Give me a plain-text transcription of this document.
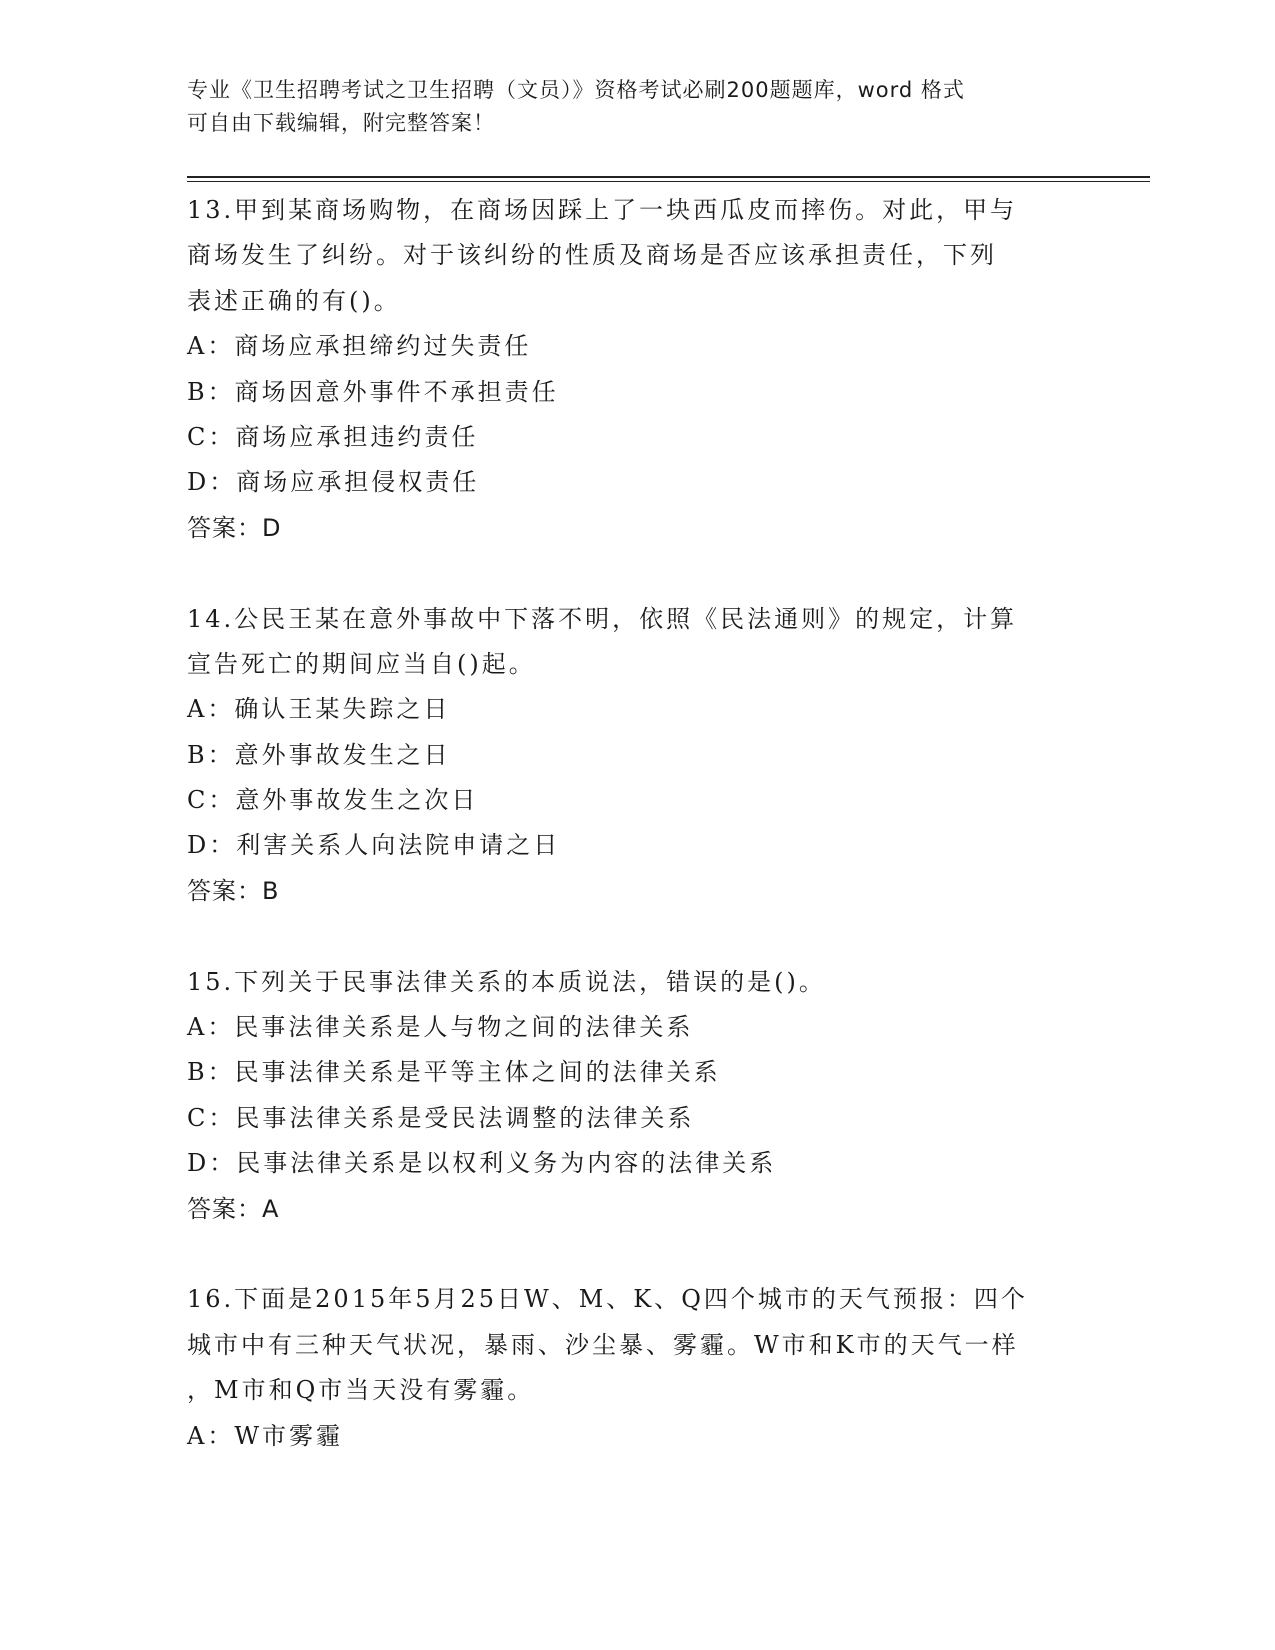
专业《卫生招聘考试之卫生招聘（文员）》资格考试必刷200题题库，word 格式
可自由下载编辑，附完整答案！
13.甲到某商场购物，在商场因踩上了一块西瓜皮而摔伤。对此，甲与
商场发生了纠纷。对于该纠纷的性质及商场是否应该承担责任，下列
表述正确的有()。
A：商场应承担缔约过失责任
B：商场因意外事件不承担责任
C：商场应承担违约责任
D：商场应承担侵权责任
答案：D
14.公民王某在意外事故中下落不明，依照《民法通则》的规定，计算
宣告死亡的期间应当自()起。
A：确认王某失踪之日
B：意外事故发生之日
C：意外事故发生之次日
D：利害关系人向法院申请之日
答案：B
15.下列关于民事法律关系的本质说法，错误的是()。
A：民事法律关系是人与物之间的法律关系
B：民事法律关系是平等主体之间的法律关系
C：民事法律关系是受民法调整的法律关系
D：民事法律关系是以权利义务为内容的法律关系
答案：A
16.下面是2015年5月25日W、M、K、Q四个城市的天气预报：四个
城市中有三种天气状况，暴雨、沙尘暴、雾霾。W市和K市的天气一样
，M市和Q市当天没有雾霾。
A：W市雾霾
